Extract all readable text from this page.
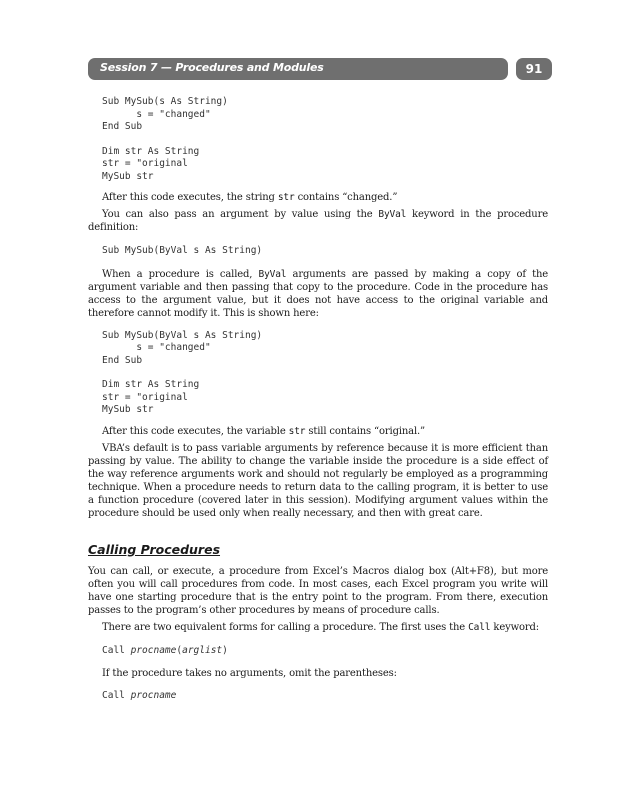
Session 7 — Procedures and Modules	91
Sub MySub(s As String)
s = "changed"
End Sub
Dim str As String
str = "original
MySub str

After this code executes, the string str contains “changed.”

You can also pass an argument by value using the ByVal keyword in the procedure definition:

Sub MySub(ByVal s As String)

When a procedure is called, ByVal arguments are passed by making a copy of the argument variable and then passing that copy to the procedure. Code in the procedure has access to the argument value, but it does not have access to the original variable and therefore cannot modify it. This is shown here:

Sub MySub(ByVal s As String)
s = "changed"
End Sub
Dim str As String
str = "original
MySub str

After this code executes, the variable str still contains “original.”

VBA’s default is to pass variable arguments by reference because it is more efficient than passing by value. The ability to change the variable inside the procedure is a side effect of the way reference arguments work and should not regularly be employed as a programming technique. When a procedure needs to return data to the calling program, it is better to use a function procedure (covered later in this session). Modifying argument values within the procedure should be used only when really necessary, and then with great care.

Calling Procedures

You can call, or execute, a procedure from Excel’s Macros dialog box (Alt+F8), but more often you will call procedures from code. In most cases, each Excel program you write will have one starting procedure that is the entry point to the program. From there, execution passes to the program’s other procedures by means of procedure calls.

There are two equivalent forms for calling a procedure. The first uses the Call keyword:

Call procname(arglist)

If the procedure takes no arguments, omit the parentheses:

Call procname
